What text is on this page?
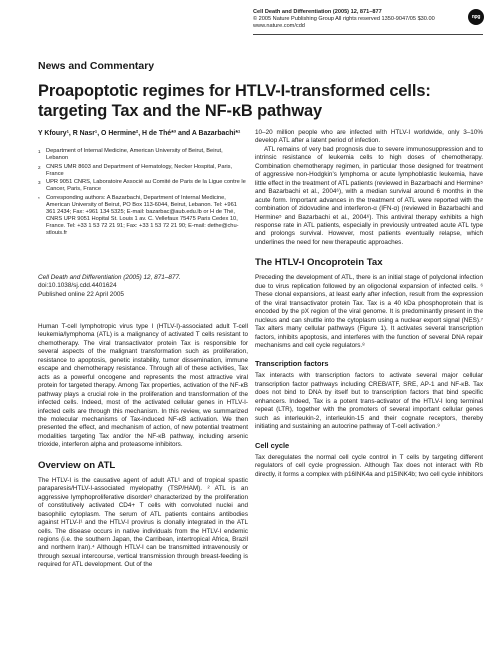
Cell Death and Differentiation (2005) 12, 871–877
© 2005 Nature Publishing Group All rights reserved 1350-9047/05 $30.00
www.nature.com/cdd
npg
News and Commentary
Proapoptotic regimes for HTLV-I-transformed cells:
targeting Tax and the NF-κB pathway
Y Kfoury¹, R Nasr¹, O Hermine², H de Thé*³ and A Bazarbachi*¹
1 Department of Internal Medicine, American University of Beirut, Beirut, Lebanon
2 CNRS UMR 8603 and Department of Hematology, Necker Hospital, Paris, France
3 UPR 9051 CNRS, Laboratoire Associé au Comité de Paris de la Ligue contre le Cancer, Paris, France
* Corresponding authors: A Bazarbachi, Department of Internal Medicine, American University of Beirut, PO Box 113-6044, Beirut, Lebanon. Tel: +961 361 2434; Fax: +961 134 5325; E-mail: bazarbac@aub.edu.lb or H de Thé, CNRS UPR 9051 Hopital St. Louis 1 av. C. Vellefaux 75475 Paris Cedex 10, France. Tel: +33 1 53 72 21 91; Fax: +33 1 53 72 21 90; E-mail: dethe@chu-stlouis.fr
Cell Death and Differentiation (2005) 12, 871–877.
doi:10.1038/sj.cdd.4401624
Published online 22 April 2005

Human T-cell lymphotropic virus type I (HTLV-I)-associated adult T-cell leukemia/lymphoma (ATL) is a malignancy of activated T cells resistant to chemotherapy. The viral transactivator protein Tax is responsible for several aspects of the malignant transformation such as proliferation, resistance to apoptosis, genetic instability, tumor dissemination, immune escape and chemotherapy resistance. Through all of these activities, Tax acts as a powerful oncogene and represents the most attractive viral protein for targeted therapy. Among Tax properties, activation of the NF-κB pathway plays a crucial role in the proliferation and transformation of the infected cells. Indeed, most of the activated cellular genes in HTLV-I-infected cells are through this mechanism. In this review, we summarized the molecular mechanisms of Tax-induced NF-κB activation. We then presented the effect, and mechanism of action, of new potential treatment modalities targeting Tax and/or the NF-κB pathway, including arsenic trioxide, interferon alpha and proteasome inhibitors.

Overview on ATL

The HTLV-I is the causative agent of adult ATL¹ and of tropical spastic paraparesis/HTLV-I-associated myelopathy (TSP/HAM). ² ATL is an aggressive lymphoproliferative disorder³ characterized by the proliferation of constitutively activated CD4+ T cells with convoluted nuclei and basophilic cytoplasm. The serum of ATL patients contains antibodies against HTLV-I¹ and the HTLV-I provirus is clonally integrated in the ATL cells. The disease occurs in native individuals from the HTLV-I endemic regions (i.e. the southern Japan, the Carribean, intertropical Africa, Brazil and northern Iran).⁴ Although HTLV-I can be transmitted intravenously or through sexual intercourse, vertical transmission through breast-feeding is required for ATL development. Out of the

10–20 million people who are infected with HTLV-I worldwide, only 3–10% develop ATL after a latent period of infection.

ATL remains of very bad prognosis due to severe immunosuppression and to intrinsic resistance of leukemia cells to high doses of chemotherapy. Combination chemotherapy regimen, in particular those designed for treatment of aggressive non-Hodgkin’s lymphoma or acute lymphoblastic leukemia, have little effect in the treatment of ATL patients (reviewed in Bazarbachi and Hermine⁵ and Bazarbachi et al., 2004⁶), with a median survival around 6 months in the acute form. Important advances in the treatment of ATL were reported with the combination of zidovudine and interferon-α (IFN-α) (reviewed in Bazarbachi and Hermine⁵ and Bazarbachi et al., 2004⁶). This antiviral therapy exhibits a high response rate in ATL patients, especially in previously untreated acute ATL type and prolongs survival. However, most patients eventually relapse, which underlines the need for new therapeutic approaches.

The HTLV-I Oncoprotein Tax

Preceding the development of ATL, there is an initial stage of polyclonal infection due to virus replication followed by an oligoclonal expansion of infected cells. ⁶ These clonal expansions, at least early after infection, result from the expression of the viral transactivator protein Tax. Tax is a 40 kDa phosphoprotein that is encoded by the pX region of the viral genome. It is predominantly present in the nucleus and can shuttle into the cytoplasm using a nuclear export signal (NES).⁷ Tax alters many cellular pathways (Figure 1). It activates several transcription factors, inhibits apoptosis, and interferes with the function of several DNA repair mechanisms and cell cycle regulators.⁸

Transcription factors

Tax interacts with transcription factors to activate several major cellular transcription factor pathways including CREB/ATF, SRE, AP-1 and NF-κB. Tax does not bind to DNA by itself but to transcription factors that bind specific enhancers. Indeed, Tax is a potent trans-activator of the HTLV-I long terminal repeat (LTR), together with the promoters of several important cellular genes such as interleukin-2, interleukin-15 and their cognate receptors, thereby initiating and sustaining an autocrine pathway of T-cell activation.⁹

Cell cycle

Tax deregulates the normal cell cycle control in T cells by targeting different regulators of cell cycle progression. Although Tax does not interact with Rb directly, it forms a complex with p16INK4a and p15INK4b; two cell cycle inhibitors
